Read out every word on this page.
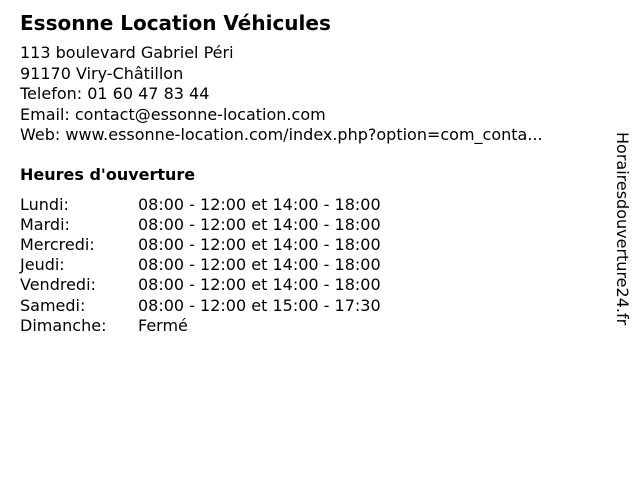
Essonne Location Véhicules
113 boulevard Gabriel Péri
91170 Viry-Châtillon
Telefon: 01 60 47 83 44
Email: contact@essonne-location.com
Web: www.essonne-location.com/index.php?option=com_conta...
Heures d'ouverture
Lundi:	08:00 - 12:00 et 14:00 - 18:00
Mardi:	08:00 - 12:00 et 14:00 - 18:00
Mercredi:	08:00 - 12:00 et 14:00 - 18:00
Jeudi:	08:00 - 12:00 et 14:00 - 18:00
Vendredi:	08:00 - 12:00 et 14:00 - 18:00
Samedi:	08:00 - 12:00 et 15:00 - 17:30
Dimanche:	Fermé
Horairesdouverture24.fr
